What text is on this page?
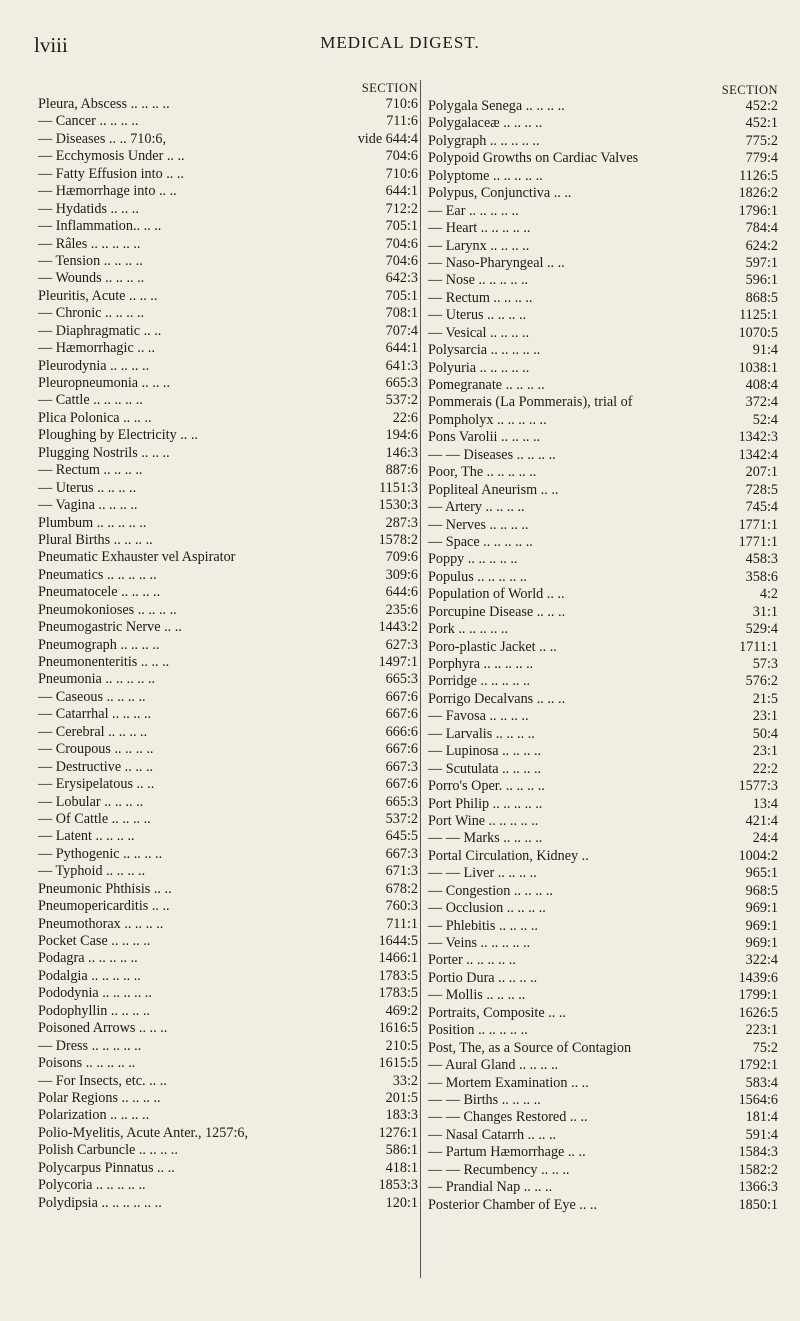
lviii	MEDICAL DIGEST.
SECTION
Pleura, Abscess .. .. .. ..	710:6
— Cancer .. .. .. ..	711:6
— Diseases .. .. 710:6,	vide 644:4
— Ecchymosis Under .. ..	704:6
— Fatty Effusion into .. ..	710:6
— Hæmorrhage into .. ..	644:1
— Hydatids .. .. ..	712:2
— Inflammation.. .. ..	705:1
— Râles .. .. .. .. ..	704:6
— Tension .. .. .. ..	704:6
— Wounds .. .. .. ..	642:3
Pleuritis, Acute .. .. ..	705:1
— Chronic .. .. .. ..	708:1
— Diaphragmatic .. ..	707:4
— Hæmorrhagic .. ..	644:1
Pleurodynia .. .. .. ..	641:3
Pleuropneumonia .. .. ..	665:3
— Cattle .. .. .. .. ..	537:2
Plica Polonica .. .. ..	22:6
Ploughing by Electricity .. ..	194:6
Plugging Nostrils .. .. ..	146:3
— Rectum .. .. .. ..	887:6
— Uterus .. .. .. ..	1151:3
— Vagina .. .. .. ..	1530:3
Plumbum .. .. .. .. ..	287:3
Plural Births .. .. .. ..	1578:2
Pneumatic Exhauster vel Aspirator	709:6
Pneumatics .. .. .. .. ..	309:6
Pneumatocele .. .. .. ..	644:6
Pneumokonioses .. .. .. ..	235:6
Pneumogastric Nerve .. ..	1443:2
Pneumograph .. .. .. ..	627:3
Pneumonenteritis .. .. ..	1497:1
Pneumonia .. .. .. .. ..	665:3
— Caseous .. .. .. ..	667:6
— Catarrhal .. .. .. ..	667:6
— Cerebral .. .. .. ..	666:6
— Croupous .. .. .. ..	667:6
— Destructive .. .. ..	667:3
— Erysipelatous .. ..	667:6
— Lobular .. .. .. ..	665:3
— Of Cattle .. .. .. ..	537:2
— Latent .. .. .. ..	645:5
— Pythogenic .. .. .. ..	667:3
— Typhoid .. .. .. ..	671:3
Pneumonic Phthisis .. ..	678:2
Pneumopericarditis .. ..	760:3
Pneumothorax .. .. .. ..	711:1
Pocket Case .. .. .. ..	1644:5
Podagra .. .. .. .. ..	1466:1
Podalgia .. .. .. .. ..	1783:5
Pododynia .. .. .. .. ..	1783:5
Podophyllin .. .. .. ..	469:2
Poisoned Arrows .. .. ..	1616:5
— Dress .. .. .. .. ..	210:5
Poisons .. .. .. .. ..	1615:5
— For Insects, etc. .. ..	33:2
Polar Regions .. .. .. ..	201:5
Polarization .. .. .. ..	183:3
Polio-Myelitis, Acute Anter., 1257:6,	1276:1
Polish Carbuncle .. .. .. ..	586:1
Polycarpus Pinnatus .. ..	418:1
Polycoria .. .. .. .. ..	1853:3
Polydipsia .. .. .. .. .. ..	120:1
SECTION
Polygala Senega .. .. .. ..	452:2
Polygalaceæ .. .. .. ..	452:1
Polygraph .. .. .. .. ..	775:2
Polypoid Growths on Cardiac Valves	779:4
Polyptome .. .. .. .. ..	1126:5
Polypus, Conjunctiva .. ..	1826:2
— Ear .. .. .. .. ..	1796:1
— Heart .. .. .. .. ..	784:4
— Larynx .. .. .. ..	624:2
— Naso-Pharyngeal .. ..	597:1
— Nose .. .. .. .. ..	596:1
— Rectum .. .. .. ..	868:5
— Uterus .. .. .. ..	1125:1
— Vesical .. .. .. ..	1070:5
Polysarcia .. .. .. .. ..	91:4
Polyuria .. .. .. .. ..	1038:1
Pomegranate .. .. .. ..	408:4
Pommerais (La Pommerais), trial of	372:4
Pompholyx .. .. .. .. ..	52:4
Pons Varolii .. .. .. ..	1342:3
— — Diseases .. .. .. ..	1342:4
Poor, The .. .. .. .. ..	207:1
Popliteal Aneurism .. ..	728:5
— Artery .. .. .. ..	745:4
— Nerves .. .. .. ..	1771:1
— Space .. .. .. .. ..	1771:1
Poppy .. .. .. .. ..	458:3
Populus .. .. .. .. ..	358:6
Population of World .. ..	4:2
Porcupine Disease .. .. ..	31:1
Pork .. .. .. .. ..	529:4
Poro-plastic Jacket .. ..	1711:1
Porphyra .. .. .. .. ..	57:3
Porridge .. .. .. .. ..	576:2
Porrigo Decalvans .. .. ..	21:5
— Favosa .. .. .. ..	23:1
— Larvalis .. .. .. ..	50:4
— Lupinosa .. .. .. ..	23:1
— Scutulata .. .. .. ..	22:2
Porro's Oper. .. .. .. ..	1577:3
Port Philip .. .. .. .. ..	13:4
Port Wine .. .. .. .. ..	421:4
— — Marks .. .. .. ..	24:4
Portal Circulation, Kidney ..	1004:2
— — Liver .. .. .. ..	965:1
— Congestion .. .. .. ..	968:5
— Occlusion .. .. .. ..	969:1
— Phlebitis .. .. .. ..	969:1
— Veins .. .. .. .. ..	969:1
Porter .. .. .. .. ..	322:4
Portio Dura .. .. .. ..	1439:6
— Mollis .. .. .. ..	1799:1
Portraits, Composite .. ..	1626:5
Position .. .. .. .. ..	223:1
Post, The, as a Source of Contagion	75:2
— Aural Gland .. .. .. ..	1792:1
— Mortem Examination .. ..	583:4
— — Births .. .. .. ..	1564:6
— — Changes Restored .. ..	181:4
— Nasal Catarrh .. .. ..	591:4
— Partum Hæmorrhage .. ..	1584:3
— — Recumbency .. .. ..	1582:2
— Prandial Nap .. .. ..	1366:3
Posterior Chamber of Eye .. ..	1850:1
